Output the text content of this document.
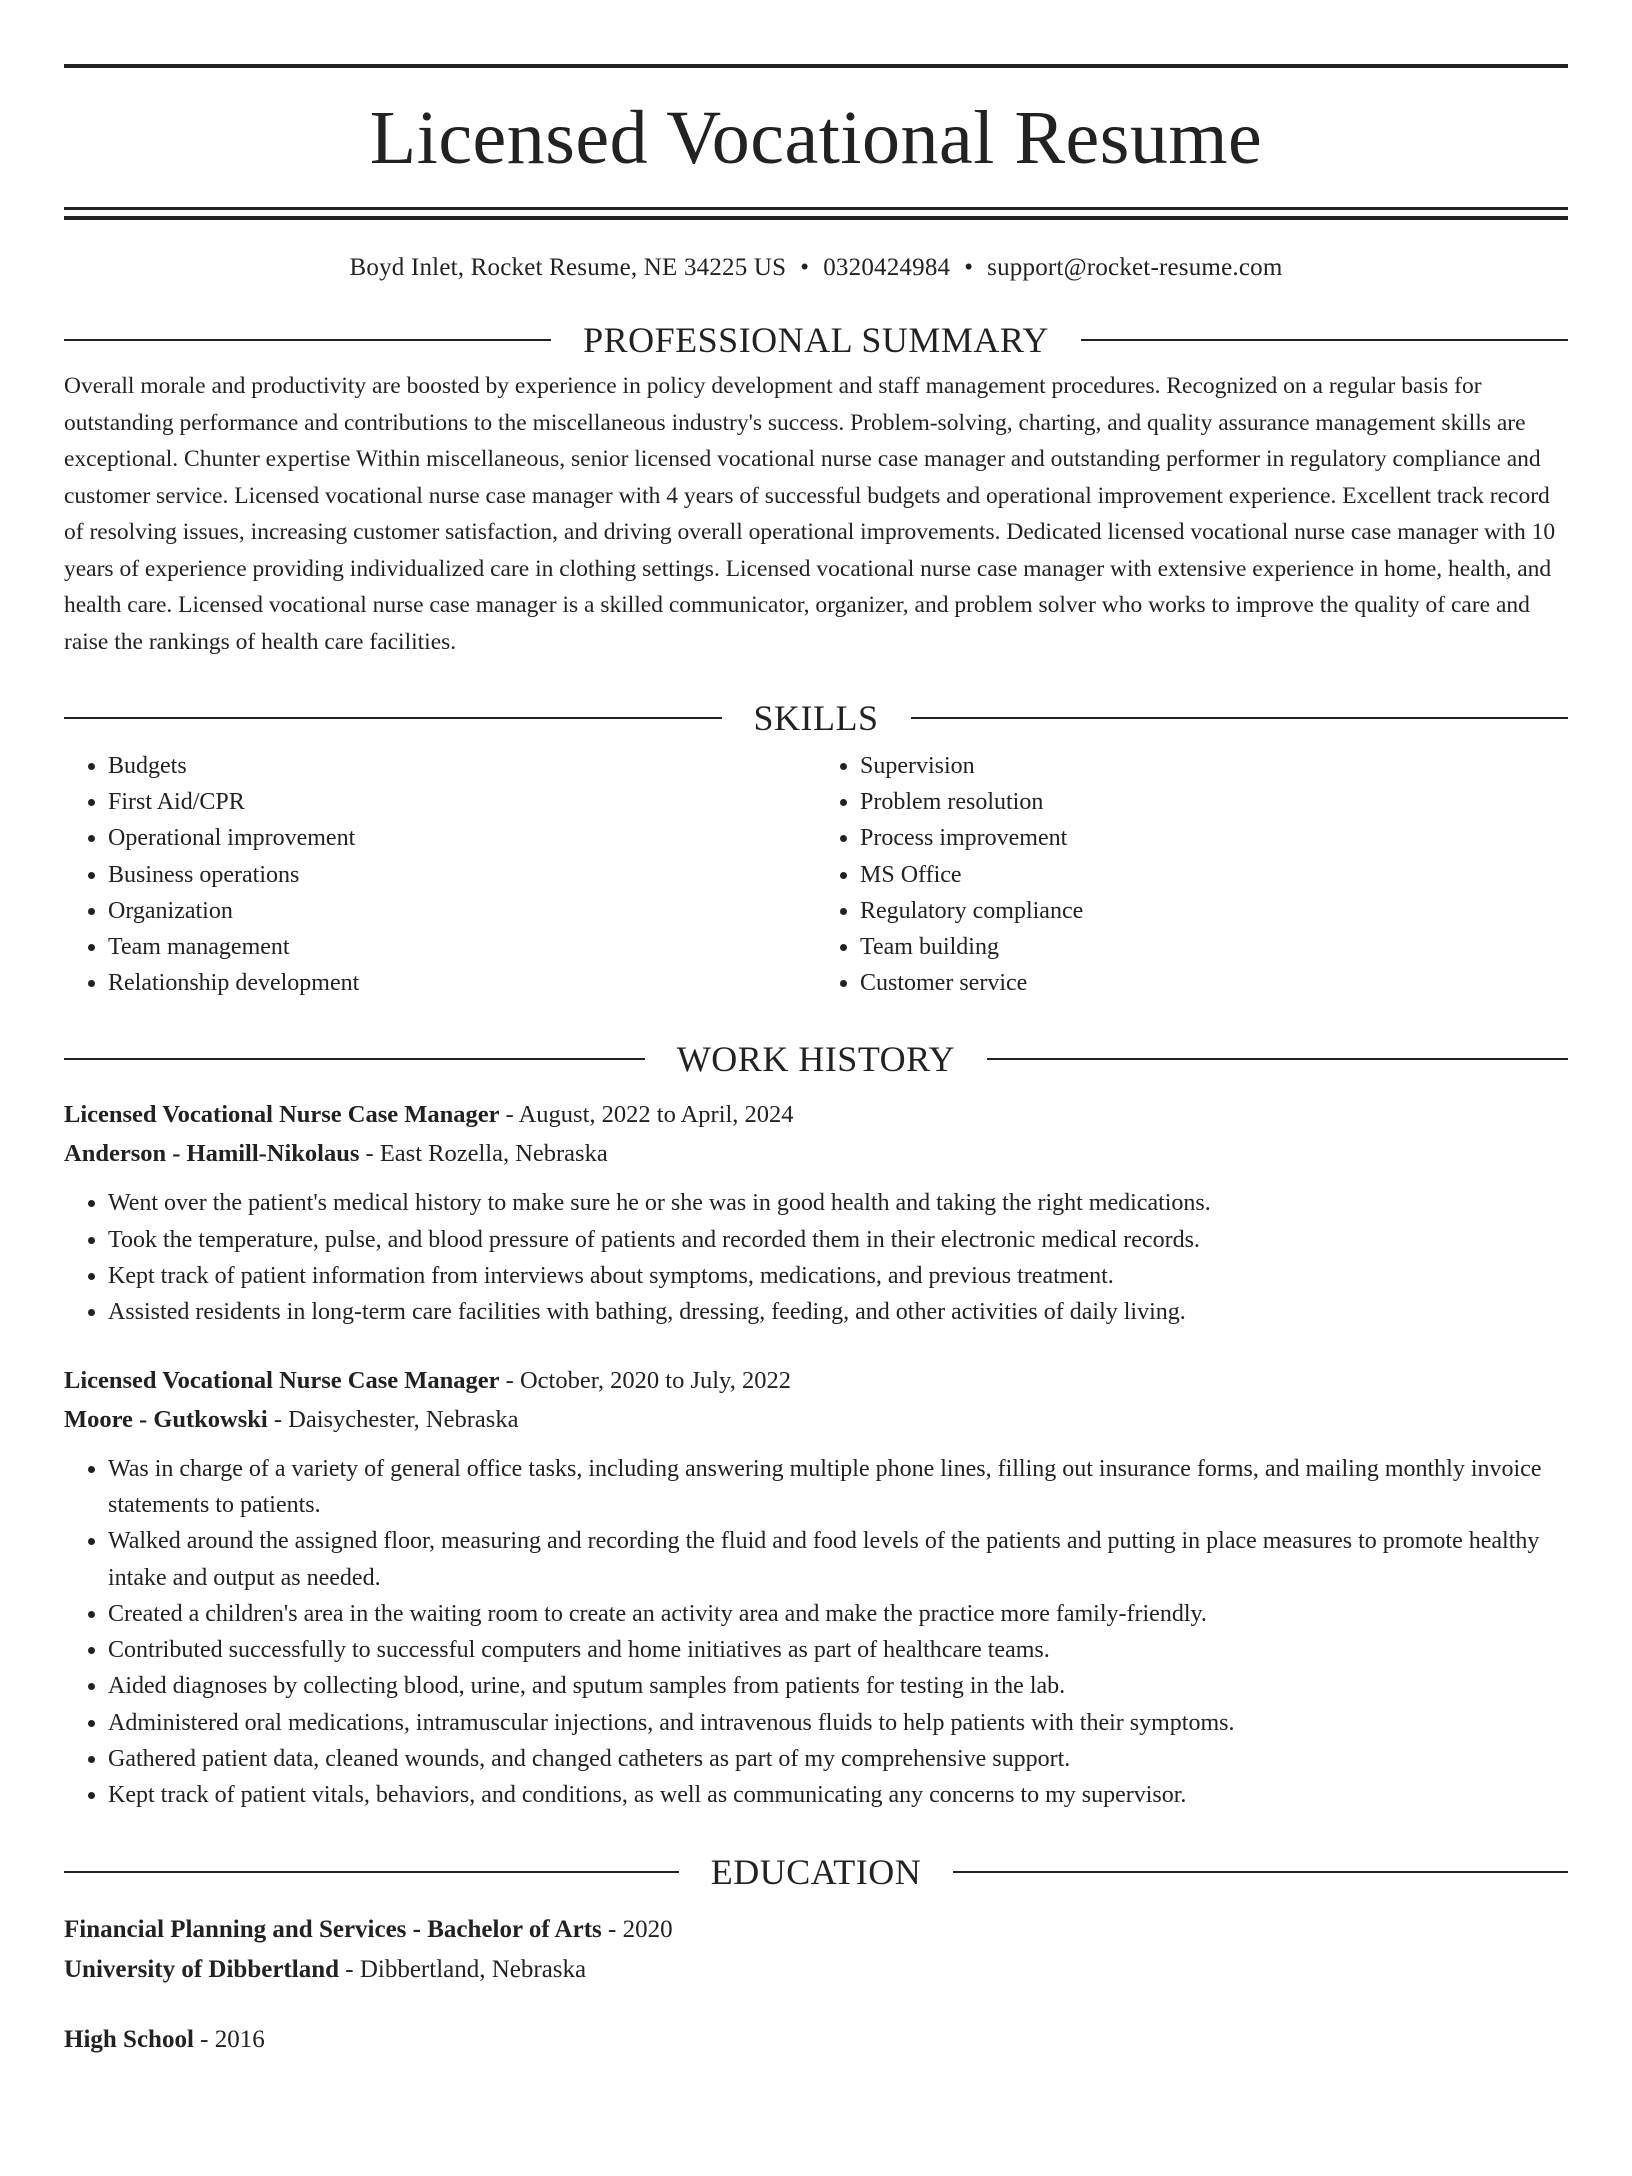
Licensed Vocational Resume
Boyd Inlet, Rocket Resume, NE 34225 US • 0320424984 • support@rocket-resume.com
PROFESSIONAL SUMMARY

Overall morale and productivity are boosted by experience in policy development and staff management procedures. Recognized on a regular basis for outstanding performance and contributions to the miscellaneous industry's success. Problem-solving, charting, and quality assurance management skills are exceptional. Chunter expertise Within miscellaneous, senior licensed vocational nurse case manager and outstanding performer in regulatory compliance and customer service. Licensed vocational nurse case manager with 4 years of successful budgets and operational improvement experience. Excellent track record of resolving issues, increasing customer satisfaction, and driving overall operational improvements. Dedicated licensed vocational nurse case manager with 10 years of experience providing individualized care in clothing settings. Licensed vocational nurse case manager with extensive experience in home, health, and health care. Licensed vocational nurse case manager is a skilled communicator, organizer, and problem solver who works to improve the quality of care and raise the rankings of health care facilities.

SKILLS
• Budgets
• First Aid/CPR
• Operational improvement
• Business operations
• Organization
• Team management
• Relationship development
• Supervision
• Problem resolution
• Process improvement
• MS Office
• Regulatory compliance
• Team building
• Customer service
WORK HISTORY
Licensed Vocational Nurse Case Manager - August, 2022 to April, 2024
Anderson - Hamill-Nikolaus - East Rozella, Nebraska
• Went over the patient's medical history to make sure he or she was in good health and taking the right medications.
• Took the temperature, pulse, and blood pressure of patients and recorded them in their electronic medical records.
• Kept track of patient information from interviews about symptoms, medications, and previous treatment.
• Assisted residents in long-term care facilities with bathing, dressing, feeding, and other activities of daily living.
Licensed Vocational Nurse Case Manager - October, 2020 to July, 2022
Moore - Gutkowski - Daisychester, Nebraska
• Was in charge of a variety of general office tasks, including answering multiple phone lines, filling out insurance forms, and mailing monthly invoice statements to patients.
• Walked around the assigned floor, measuring and recording the fluid and food levels of the patients and putting in place measures to promote healthy intake and output as needed.
• Created a children's area in the waiting room to create an activity area and make the practice more family-friendly.
• Contributed successfully to successful computers and home initiatives as part of healthcare teams.
• Aided diagnoses by collecting blood, urine, and sputum samples from patients for testing in the lab.
• Administered oral medications, intramuscular injections, and intravenous fluids to help patients with their symptoms.
• Gathered patient data, cleaned wounds, and changed catheters as part of my comprehensive support.
• Kept track of patient vitals, behaviors, and conditions, as well as communicating any concerns to my supervisor.
EDUCATION
Financial Planning and Services - Bachelor of Arts - 2020
University of Dibbertland - Dibbertland, Nebraska
High School - 2016
